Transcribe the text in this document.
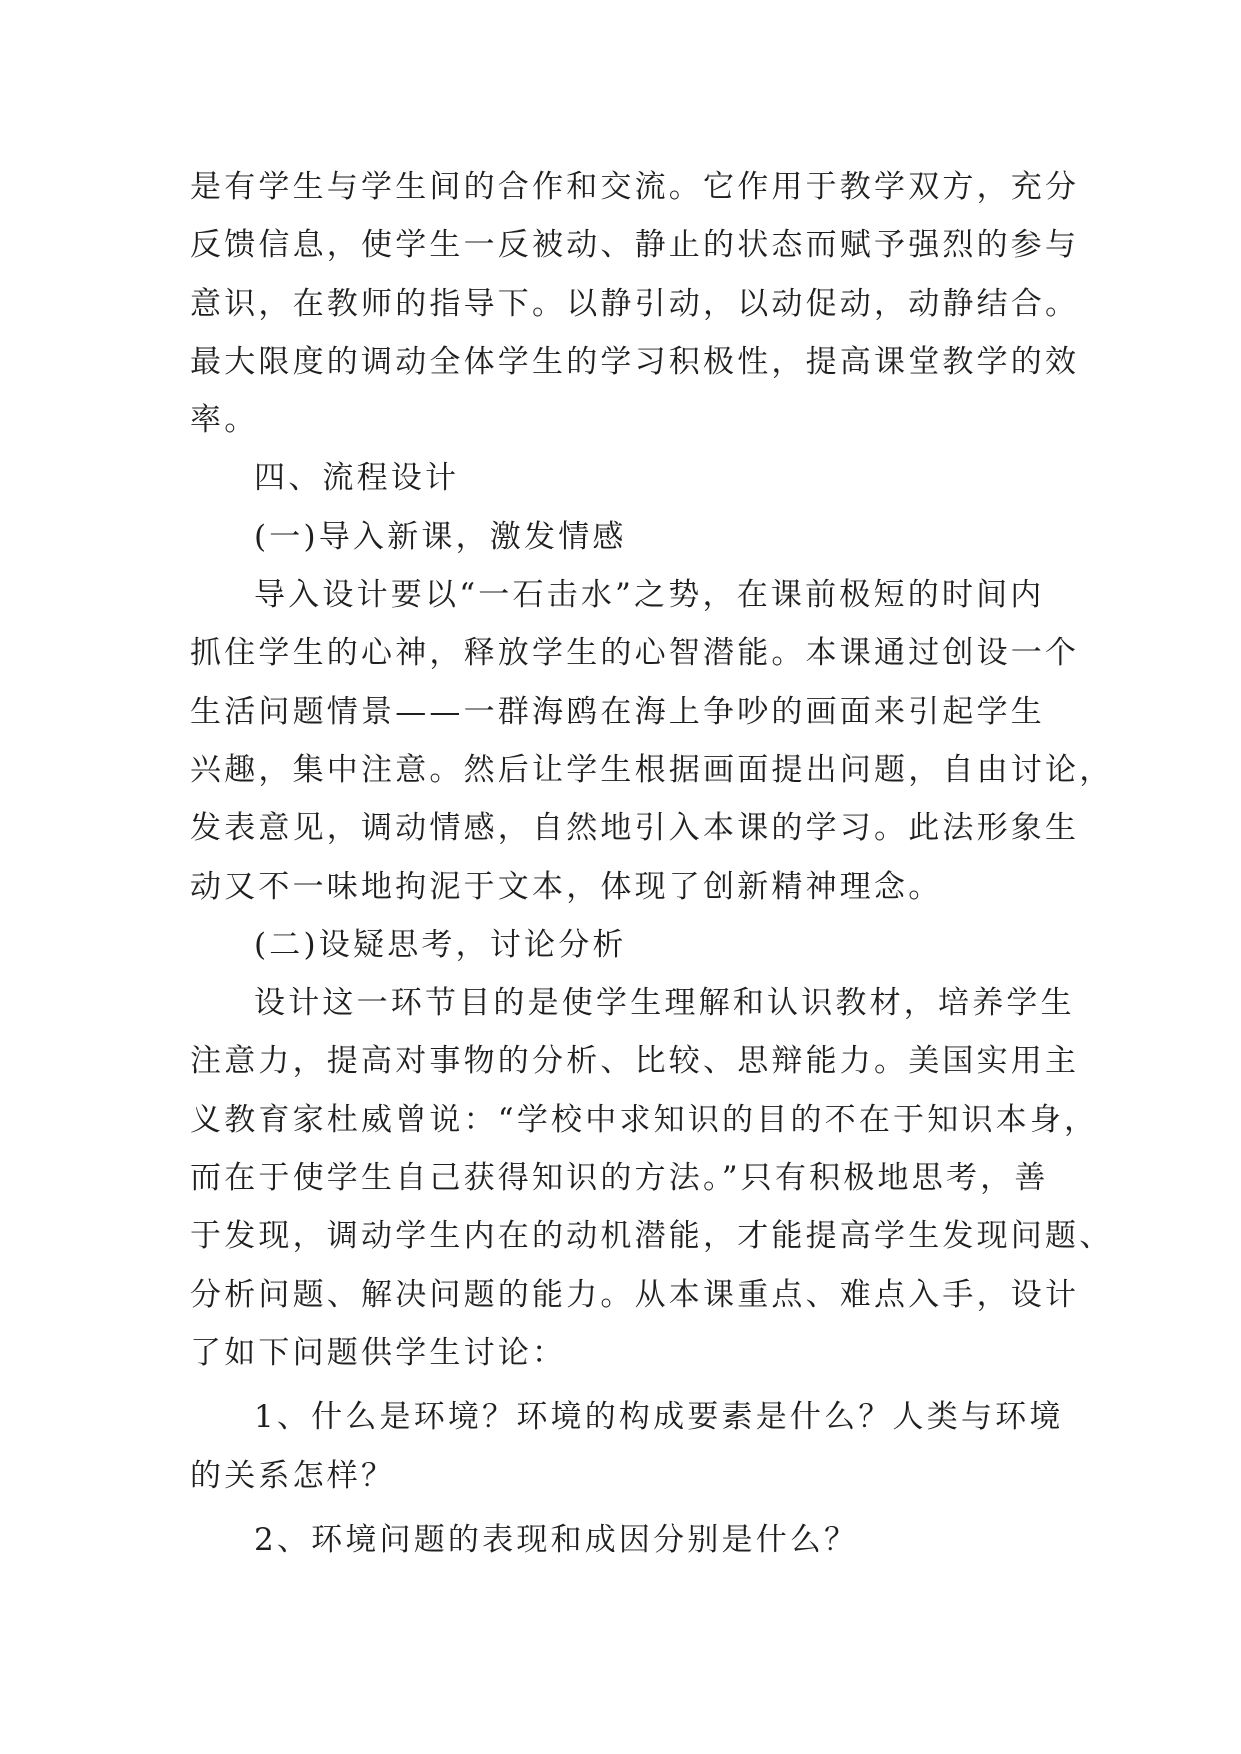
是有学生与学生间的合作和交流。它作用于教学双方，充分
反馈信息，使学生一反被动、静止的状态而赋予强烈的参与
意识，在教师的指导下。以静引动，以动促动，动静结合。
最大限度的调动全体学生的学习积极性，提高课堂教学的效
率。
四、流程设计
(一)导入新课，激发情感
导入设计要以“一石击水”之势，在课前极短的时间内
抓住学生的心神，释放学生的心智潜能。本课通过创设一个
生活问题情景——一群海鸥在海上争吵的画面来引起学生
兴趣，集中注意。然后让学生根据画面提出问题，自由讨论，
发表意见，调动情感，自然地引入本课的学习。此法形象生
动又不一味地拘泥于文本，体现了创新精神理念。
(二)设疑思考，讨论分析
设计这一环节目的是使学生理解和认识教材，培养学生
注意力，提高对事物的分析、比较、思辩能力。美国实用主
义教育家杜威曾说：“学校中求知识的目的不在于知识本身，
而在于使学生自己获得知识的方法。”只有积极地思考，善
于发现，调动学生内在的动机潜能，才能提高学生发现问题、
分析问题、解决问题的能力。从本课重点、难点入手，设计
了如下问题供学生讨论：
1、什么是环境？环境的构成要素是什么？人类与环境
的关系怎样？
2、环境问题的表现和成因分别是什么？
